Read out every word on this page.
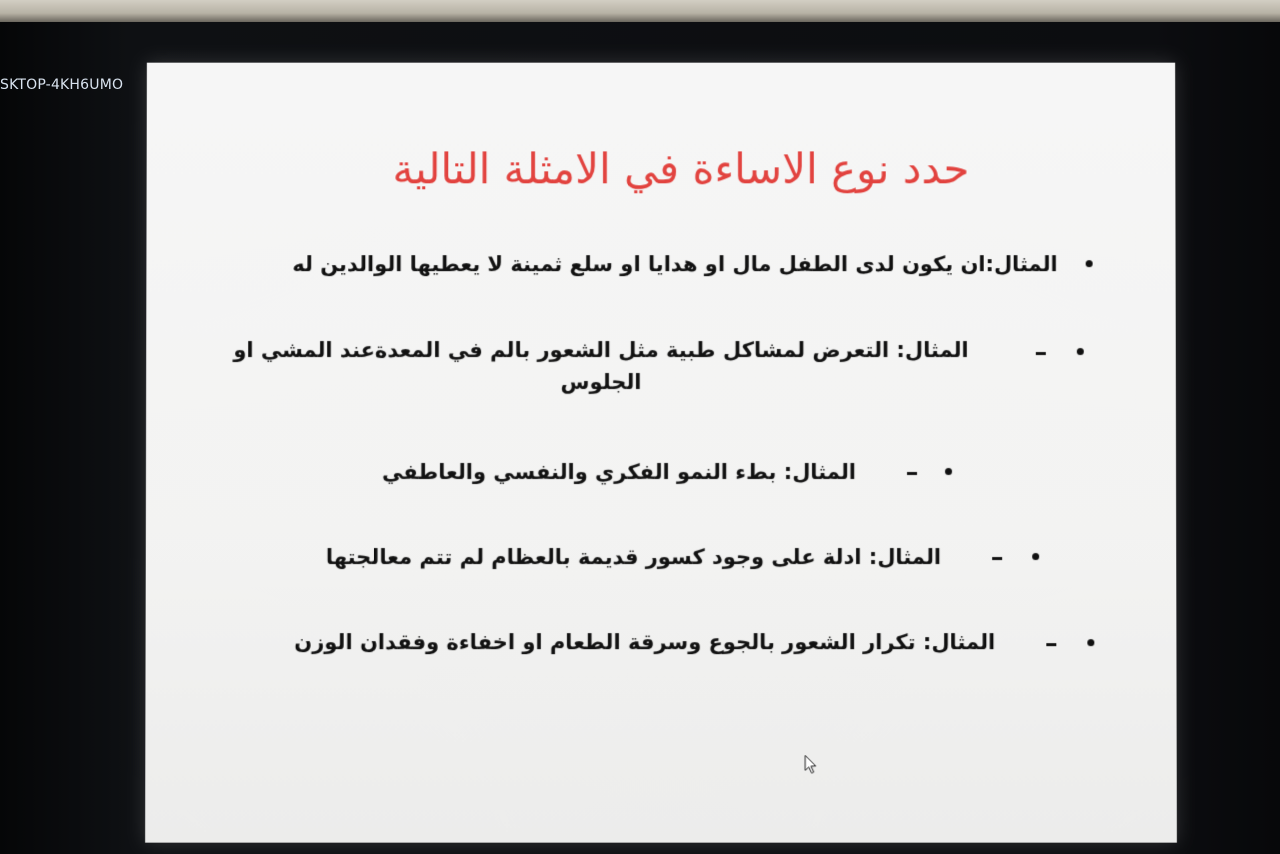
SKTOP-4KH6UMO
حدد نوع الاساءة في الامثلة التالية
المثال:ان يكون لدى الطفل مال او هدايا او سلع ثمينة لا يعطيها الوالدين له
المثال: التعرض لمشاكل طبية مثل الشعور بالم في المعدةعند المشي او الجلوس
المثال: بطء النمو الفكري والنفسي والعاطفي
المثال: ادلة على وجود كسور قديمة بالعظام لم تتم معالجتها
المثال: تكرار الشعور بالجوع وسرقة الطعام او اخفاءة وفقدان الوزن
